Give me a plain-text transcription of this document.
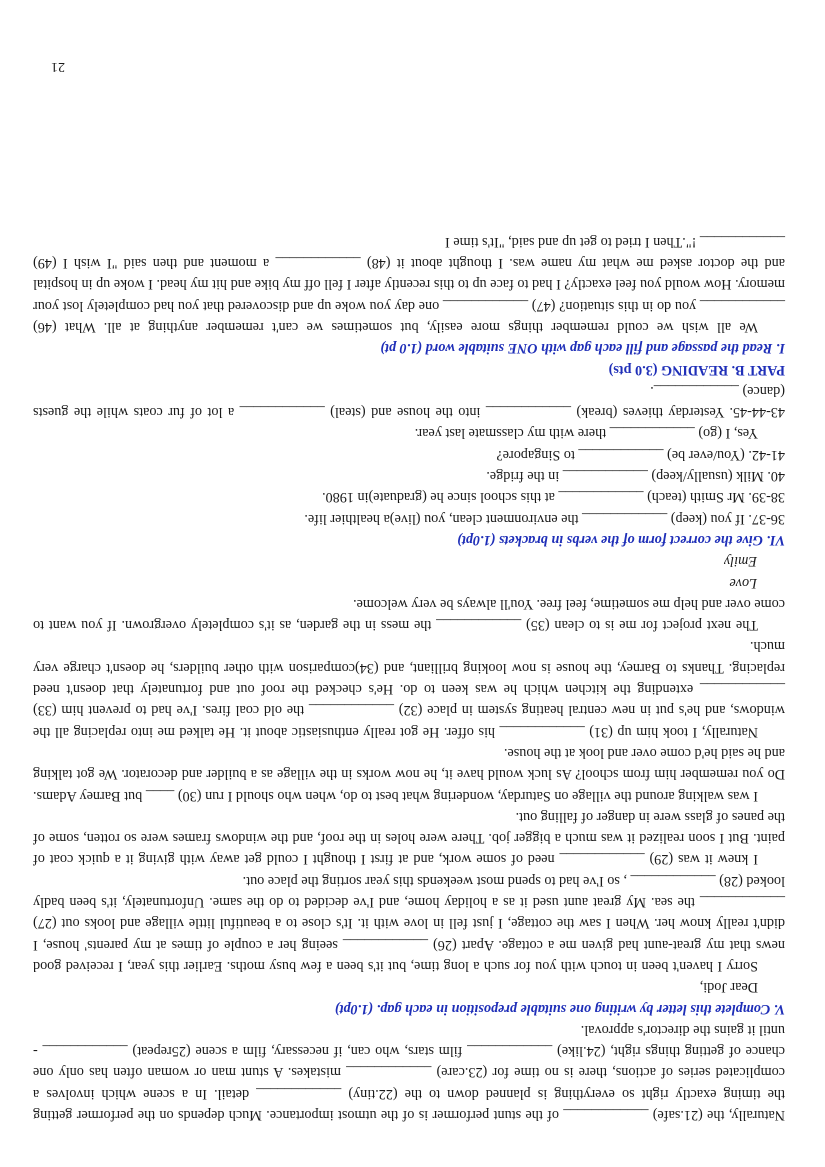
Naturally, the (21.safe) ____________ of the stunt performer is of the utmost importance. Much depends on the performer getting the timing exactly right so everything is planned down to the (22.tiny) ____________ detail. In a scene which involves a complicated series of actions, there is no time for (23.care) ____________ mistakes. A stunt man or woman often has only one chance of getting things right, (24.like) ____________ film stars, who can, if necessary, film a scene (25repeat) ____________ - until it gains the director's approval.

V. Complete this letter by writing one suitable preposition in each gap. (1.0pt)

Dear Jodi,

Sorry I haven't been in touch with you for such a long time, but it's been a few busy moths. Earlier this year, I received good news that my great-aunt had given me a cottage. Apart (26) ____________ seeing her a couple of times at my parents' house, I didn't really know her. When I saw the cottage, I just fell in love with it. It's close to a beautiful little village and looks out (27) ____________ the sea. My great aunt used it as a holiday home, and I've decided to do the same. Unfortunately, it's been badly looked (28) ____________ , so I've had to spend most weekends this year sorting the place out.

I knew it was (29) ____________ need of some work, and at first I thought I could get away with giving it a quick coat of paint. But I soon realized it was much a bigger job. There were holes in the roof, and the windows frames were so rotten, some of the panes of glass were in danger of falling out.

I was walking around the village on Saturday, wondering what best to do, when who should I run (30) ____ but Barney Adams. Do you remember him from school? As luck would have it, he now works in the village as a builder and decorator. We got talking and he said he'd come over and look at the house.

Naturally, I took him up (31) ____________ his offer. He got really enthusiastic about it. He talked me into replacing all the windows, and he's put in new central heating system in place (32) ____________ the old coal fires. I've had to prevent him (33) ____________ extending the kitchen which he was keen to do. He's checked the roof out and fortunately that doesn't need replacing. Thanks to Barney, the house is now looking brilliant, and (34)comparison with other builders, he doesn't charge very much.

The next project for me is to clean (35) ____________ the mess in the garden, as it's completely overgrown. If you want to come over and help me sometime, feel free. You'll always be very welcome.

Love

Emily

VI. Give the correct form of the verbs in brackets (1.0pt)

36-37. If you (keep) ____________ the environment clean, you (live)a healthier life.

38-39. Mr Smith (teach) ____________ at this school since he (graduate)in 1980.

40. Milk (usually/keep) ____________ in the fridge.

41-42. (You/ever be) ____________ to Singapore?

Yes, I (go) ____________ there with my classmate last year.

43-44-45. Yesterday thieves (break) ____________ into the house and (steal) ____________ a lot of fur coats while the guests (dance) ____________.

PART B. READING (3.0 pts)

I. Read the passage and fill each gap with ONE suitable word (1.0 pt)

We all wish we could remember things more easily, but sometimes we can't remember anything at all. What (46) ____________ you do in this situation? (47) ____________ one day you woke up and discovered that you had completely lost your memory. How would you feel exactly? I had to face up to this recently after I fell off my bike and hit my head. I woke up in hospital and the doctor asked me what my name was. I thought about it (48) ____________ a moment and then said "I wish I (49) ____________ !".Then I tried to get up and said, "It's time I

21
